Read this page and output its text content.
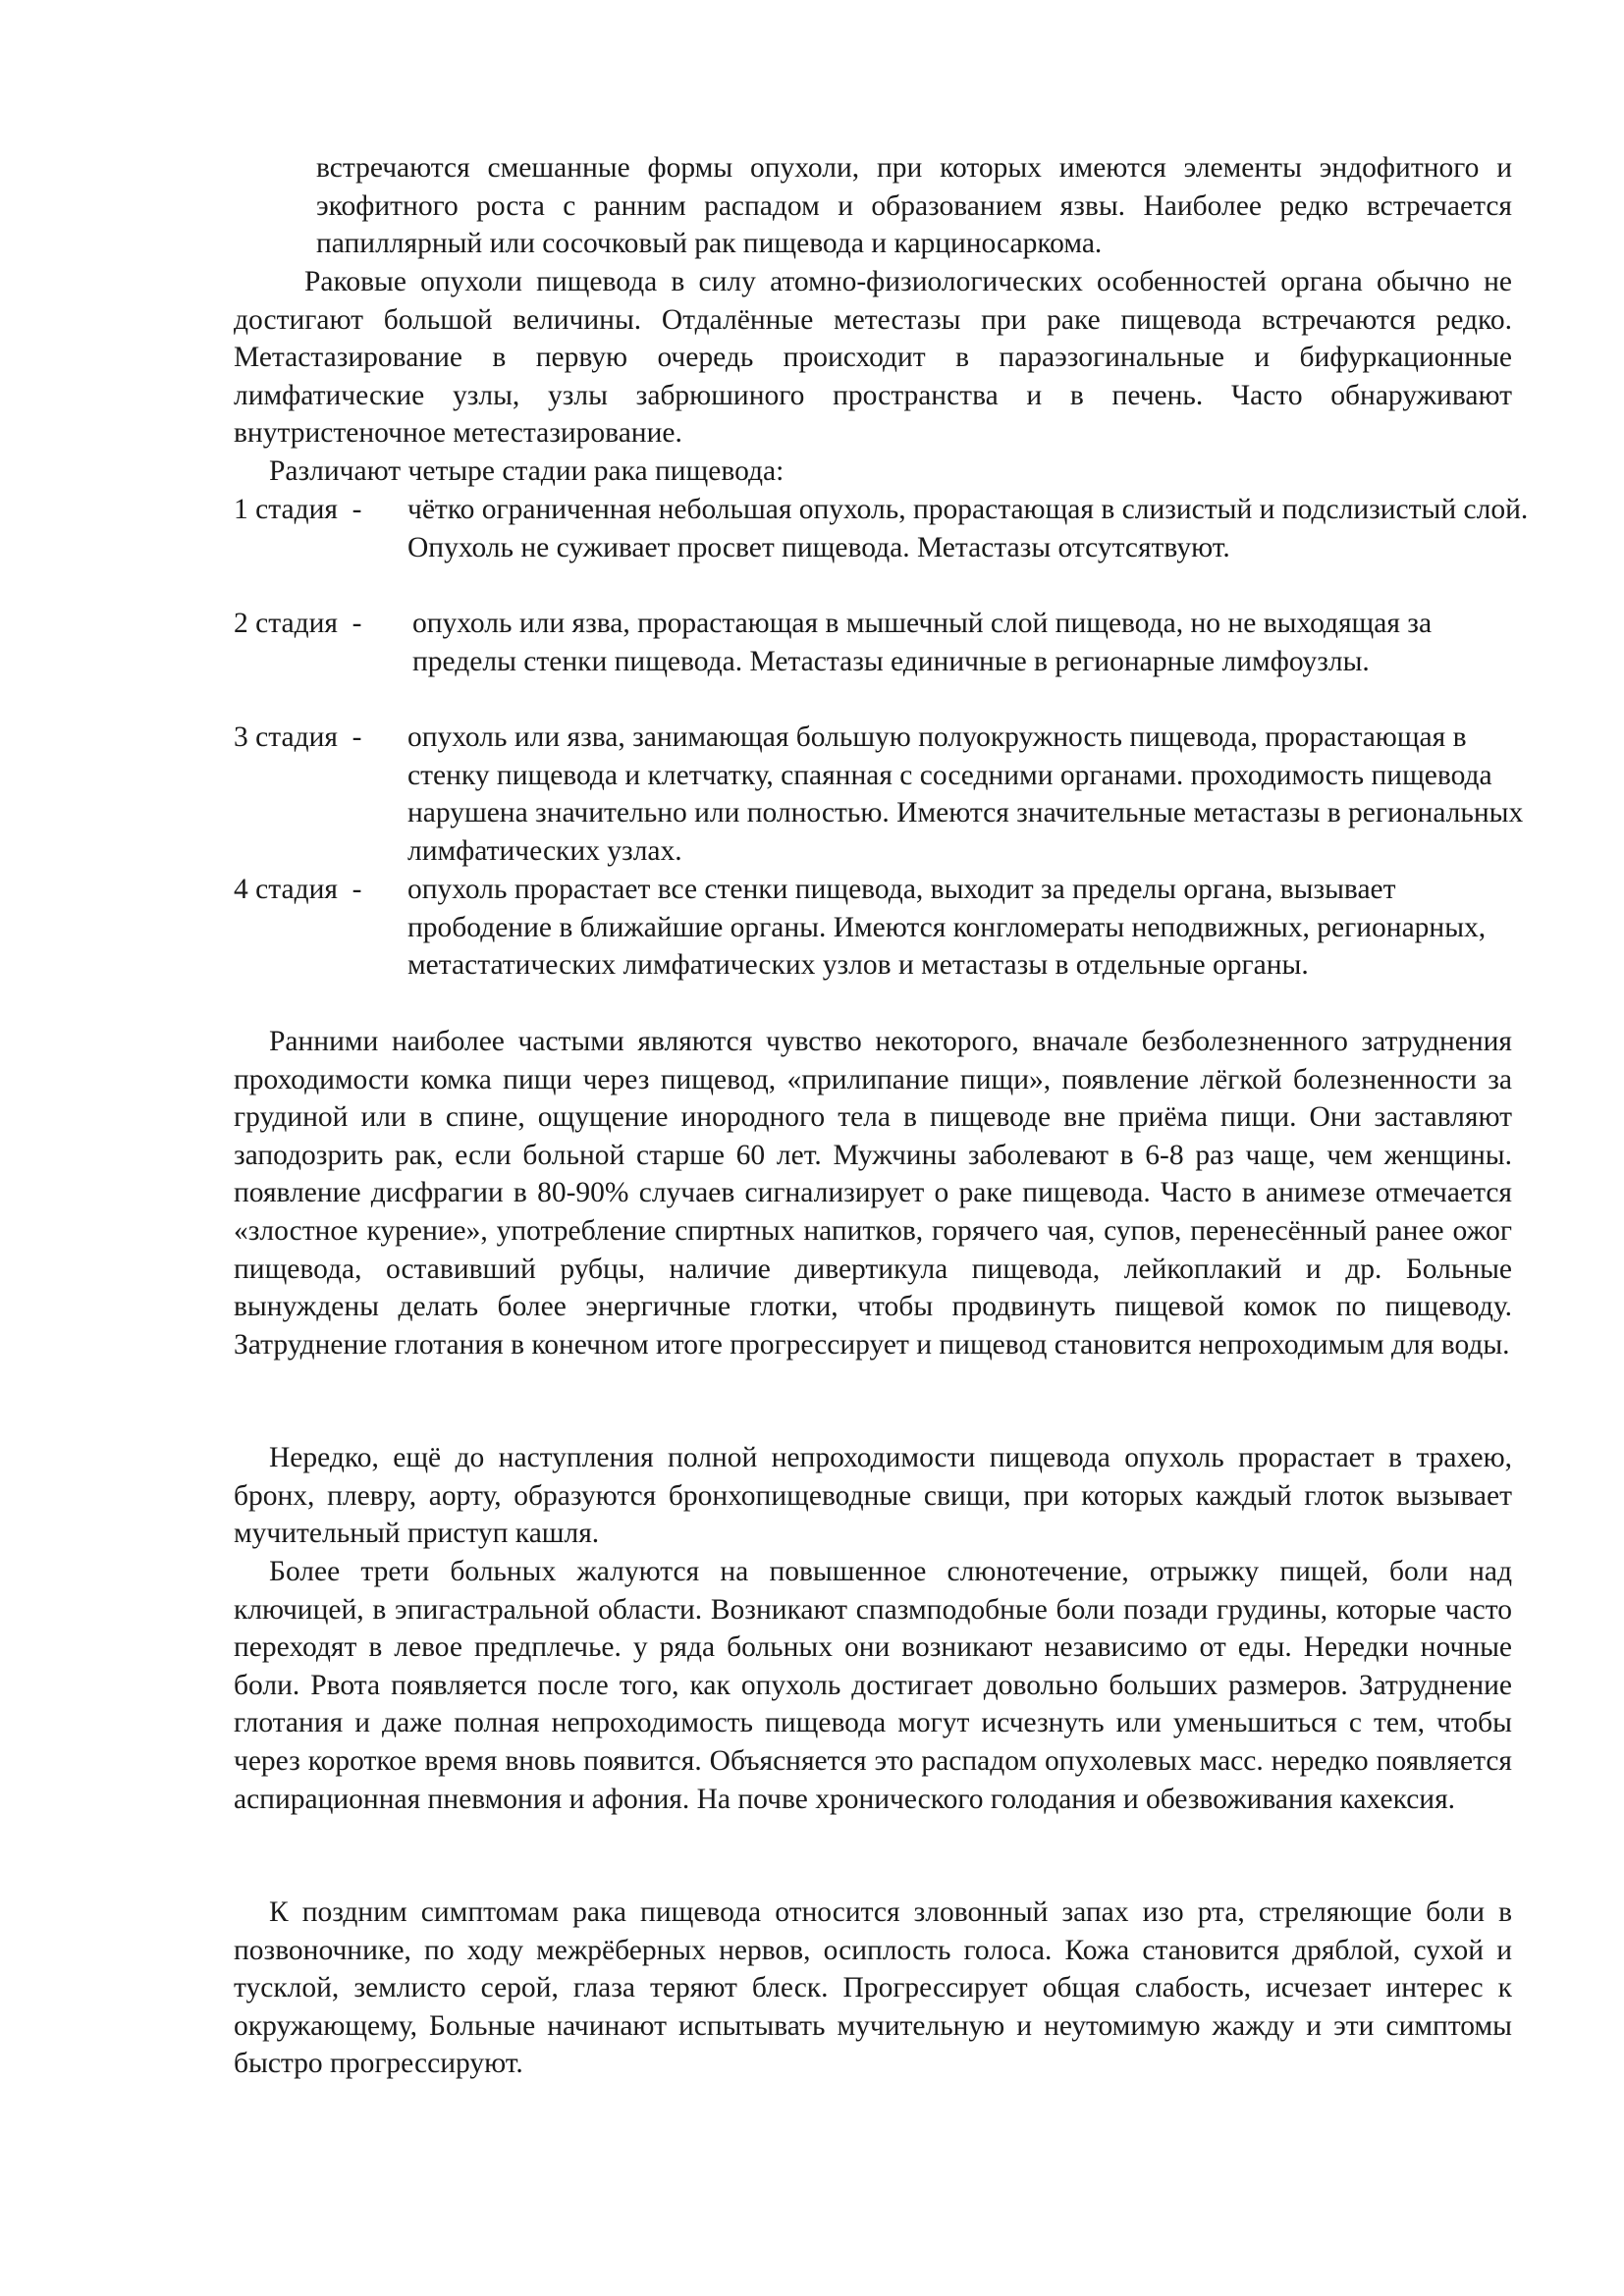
встречаются смешанные формы опухоли, при которых имеются элементы эндофитного и экофитного роста с ранним распадом и образованием язвы. Наиболее редко встречается папиллярный или сосочковый рак пищевода и карциносаркома.

Раковые опухоли пищевода в силу атомно-физиологических особенностей органа обычно не достигают большой величины. Отдалённые метестазы при раке пищевода встречаются редко. Метастазирование в первую очередь происходит в параэзогинальные и бифуркационные лимфатические узлы, узлы забрюшиного пространства и в печень. Часто обнаруживают внутристеночное метестазирование.

Различают четыре стадии рака пищевода:

1 стадия  - чётко ограниченная небольшая опухоль, прорастающая в слизистый и подслизистый слой. Опухоль не суживает просвет пищевода. Метастазы отсутсятвуют.

2 стадия  - опухоль или язва, прорастающая в мышечный слой пищевода, но не выходящая за пределы стенки пищевода. Метастазы единичные в регионарные лимфоузлы.

3 стадия  - опухоль или язва, занимающая большую полуокружность пищевода, прорастающая в стенку пищевода и клетчатку, спаянная с соседними органами. проходимость пищевода нарушена значительно или полностью. Имеются значительные метастазы в региональных лимфатических узлах.

4 стадия  - опухоль прорастает все стенки пищевода, выходит за пределы органа, вызывает прободение в ближайшие органы. Имеются конгломераты неподвижных, регионарных, метастатических лимфатических узлов и метастазы в отдельные органы.

Ранними наиболее частыми являются чувство некоторого, вначале безболезненного затруднения проходимости комка пищи через пищевод, «прилипание пищи», появление лёгкой болезненности за грудиной или в спине, ощущение инородного тела в пищеводе вне приёма пищи. Они заставляют заподозрить рак, если больной старше 60 лет. Мужчины заболевают в 6-8 раз чаще, чем женщины. появление дисфрагии в 80-90% случаев сигнализирует о раке пищевода. Часто в анимезе отмечается «злостное курение», употребление спиртных напитков, горячего чая, супов, перенесённый ранее ожог пищевода, оставивший рубцы, наличие дивертикула пищевода, лейкоплакий и др. Больные вынуждены делать более энергичные глотки, чтобы продвинуть пищевой комок по пищеводу. Затруднение глотания в конечном итоге прогрессирует и пищевод становится непроходимым для воды.

Нередко, ещё до наступления полной непроходимости пищевода опухоль прорастает в трахею, бронх, плевру, аорту, образуются бронхопищеводные свищи, при которых каждый глоток вызывает мучительный приступ кашля.

Более трети больных жалуются на повышенное слюнотечение, отрыжку пищей, боли над ключицей, в эпигастральной области. Возникают спазмподобные боли позади грудины, которые часто переходят в левое предплечье. у ряда больных они возникают независимо от еды. Нередки ночные боли. Рвота появляется после того, как опухоль достигает довольно больших размеров. Затруднение глотания и даже полная непроходимость пищевода могут исчезнуть или уменьшиться с тем, чтобы через короткое время вновь появится. Объясняется это распадом опухолевых масс. нередко появляется аспирационная пневмония и афония. На почве хронического голодания и обезвоживания кахексия.

К поздним симптомам рака пищевода относится зловонный запах изо рта, стреляющие боли в позвоночнике, по ходу межрёберных нервов, осиплость голоса. Кожа становится дряблой, сухой и тусклой, землисто серой, глаза теряют блеск. Прогрессирует общая слабость, исчезает интерес к окружающему, Больные начинают испытывать мучительную и неутомимую жажду и эти симптомы быстро прогрессируют.
